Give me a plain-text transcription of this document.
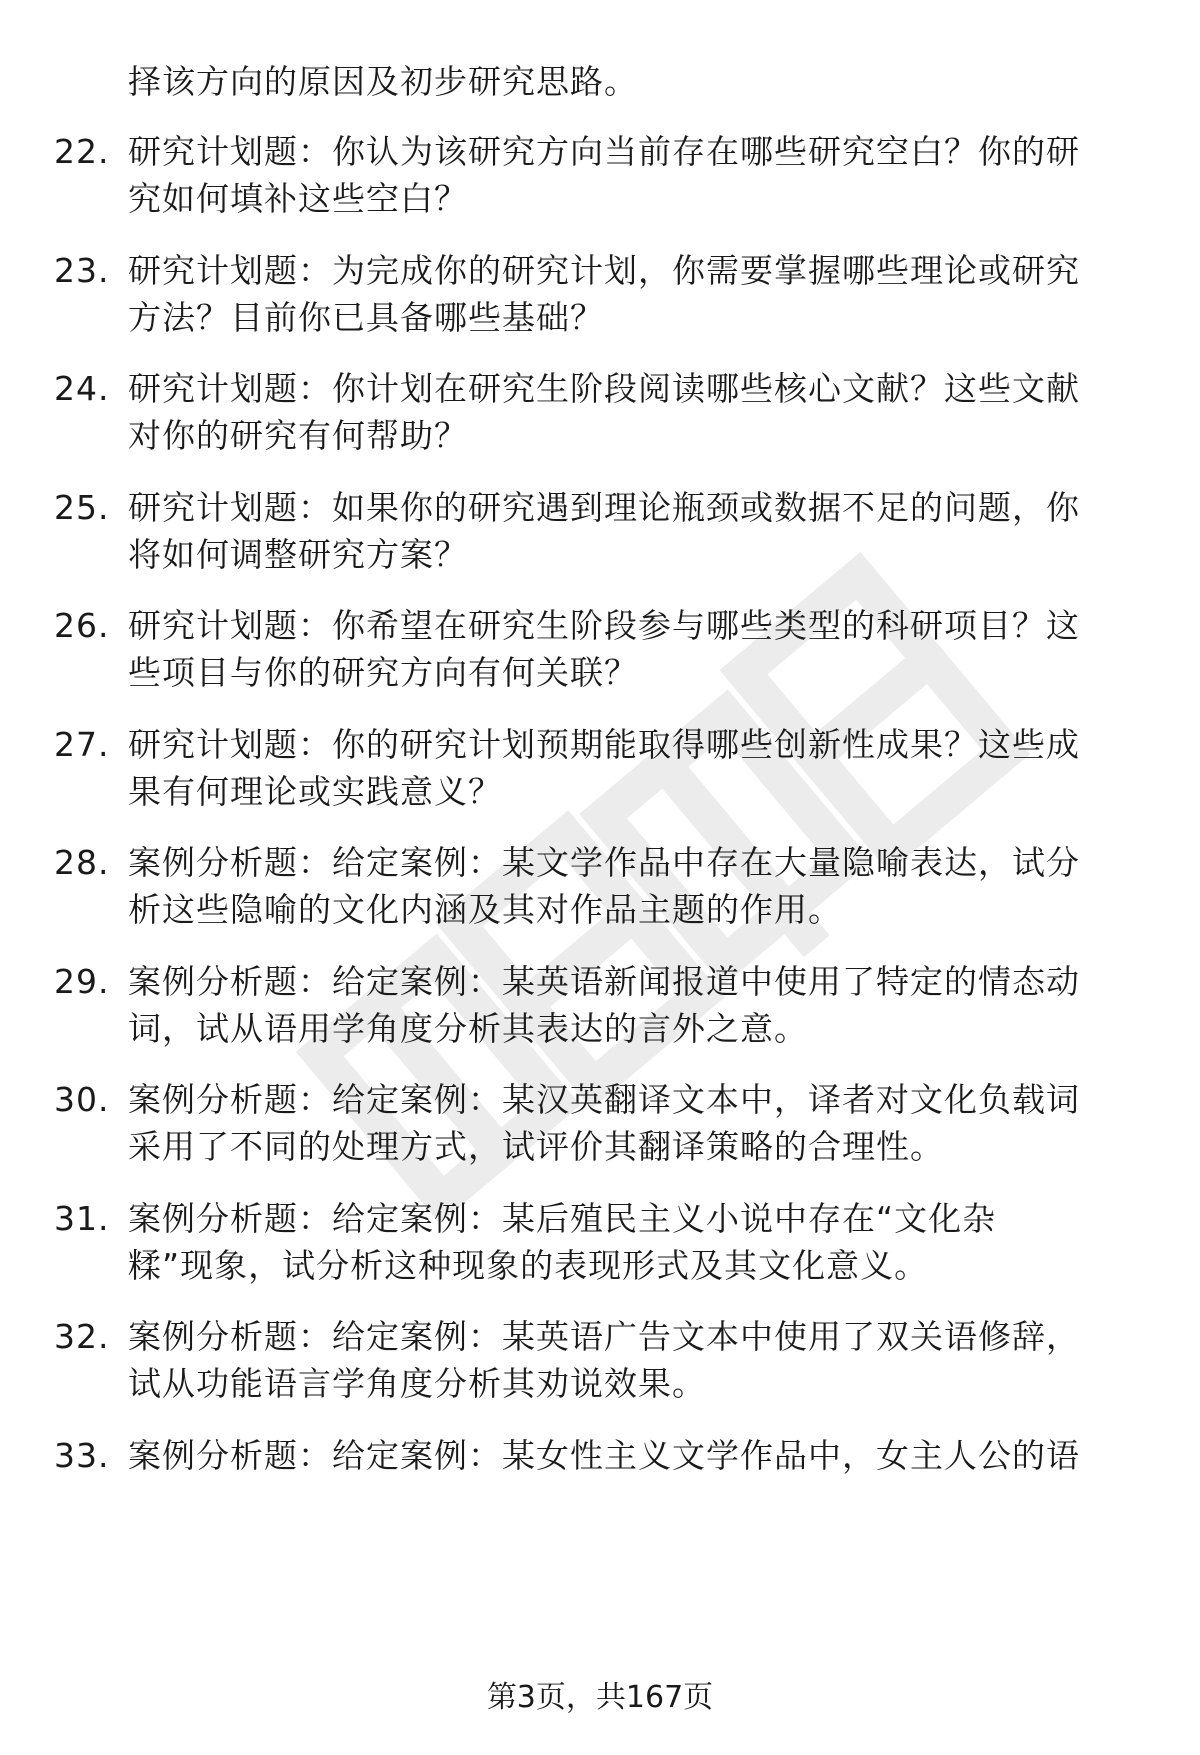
择该方向的原因及初步研究思路。
22. 研究计划题：你认为该研究方向当前存在哪些研究空白？你的研
究如何填补这些空白？
23. 研究计划题：为完成你的研究计划，你需要掌握哪些理论或研究
方法？目前你已具备哪些基础？
24. 研究计划题：你计划在研究生阶段阅读哪些核心文献？这些文献
对你的研究有何帮助？
25. 研究计划题：如果你的研究遇到理论瓶颈或数据不足的问题，你
将如何调整研究方案？
26. 研究计划题：你希望在研究生阶段参与哪些类型的科研项目？这
些项目与你的研究方向有何关联？
27. 研究计划题：你的研究计划预期能取得哪些创新性成果？这些成
果有何理论或实践意义？
28. 案例分析题：给定案例：某文学作品中存在大量隐喻表达，试分
析这些隐喻的文化内涵及其对作品主题的作用。
29. 案例分析题：给定案例：某英语新闻报道中使用了特定的情态动
词，试从语用学角度分析其表达的言外之意。
30. 案例分析题：给定案例：某汉英翻译文本中，译者对文化负载词
采用了不同的处理方式，试评价其翻译策略的合理性。
31. 案例分析题：给定案例：某后殖民主义小说中存在“文化杂
糅”现象，试分析这种现象的表现形式及其文化意义。
32. 案例分析题：给定案例：某英语广告文本中使用了双关语修辞，
试从功能语言学角度分析其劝说效果。
33. 案例分析题：给定案例：某女性主义文学作品中，女主人公的语
第3页，共167页
